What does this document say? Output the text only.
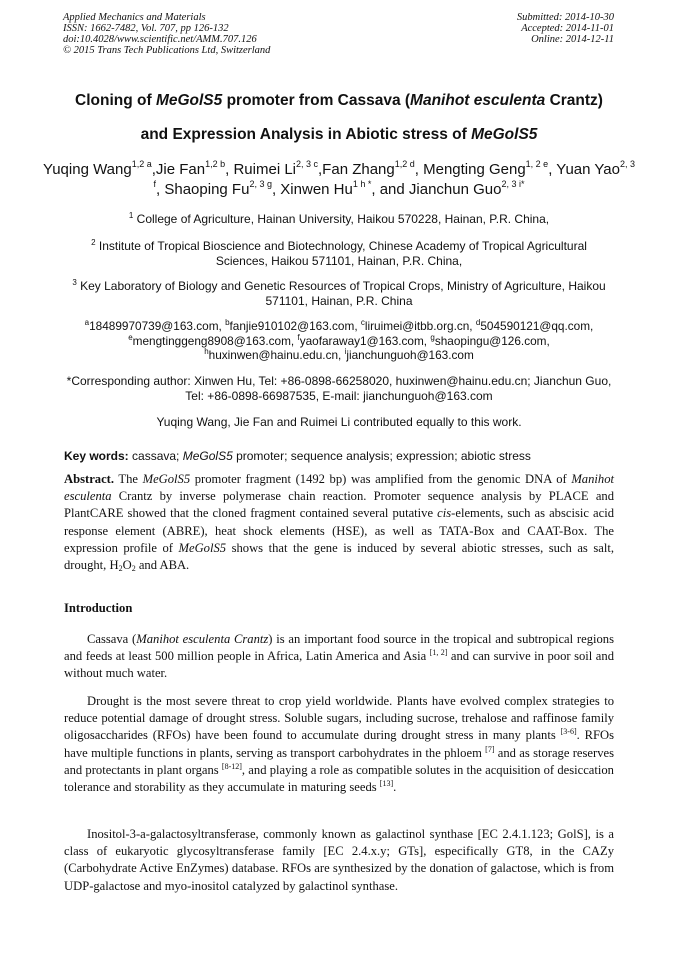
Applied Mechanics and Materials
ISSN: 1662-7482, Vol. 707, pp 126-132
doi:10.4028/www.scientific.net/AMM.707.126
© 2015 Trans Tech Publications Ltd, Switzerland
Submitted: 2014-10-30
Accepted: 2014-11-01
Online: 2014-12-11
Cloning of MeGolS5 promoter from Cassava (Manihot esculenta Crantz)
and Expression Analysis in Abiotic stress of MeGolS5
Yuqing Wang$^{1,2 a}$,Jie Fan$^{1,2 b}$, Ruimei $Li^{2, 3 c},Fan$ Zhang$^{1,2 d}$, Mengting Geng$^{1, 2 e}$, Yuan Yao$^{2, 3 f}$, Shaoping $Fu^{2, 3 g}$, Xinwen $Hu^{1 h *}$, and Jianchun Guo$^{2, 3 i*}$
$^1$ College of Agriculture, Hainan University, Haikou 570228, Hainan, P.R. China,
$^2$ Institute of Tropical Bioscience and Biotechnology, Chinese Academy of Tropical Agricultural Sciences, Haikou 571101, Hainan, P.R. China,
$^3$ Key Laboratory of Biology and Genetic Resources of Tropical Crops, Ministry of Agriculture, Haikou 571101, Hainan, P.R. China
$^a$18489970739@163.com, $^b$fanjie910102@163.com, $^c$liruimei@itbb.org.cn, $^d$504590121@qq.com, $^e$mengtinggeng8908@163.com, $^f$yaofaraway1@163.com, $^g$shaopingu@126.com,
$^h$huxinwen@hainu.edu.cn, $^i$jianchunguoh@163.com
*Corresponding author: Xinwen Hu, Tel: +86-0898-66258020, huxinwen@hainu.edu.cn; Jianchun Guo, Tel: +86-0898-66987535, E-mail: jianchunguoh@163.com
Yuqing Wang, Jie Fan and Ruimei Li contributed equally to this work.
Key words: cassava; MeGolS5 promoter; sequence analysis; expression; abiotic stress
Abstract. The MeGolS5 promoter fragment (1492 bp) was amplified from the genomic DNA of Manihot esculenta Crantz by inverse polymerase chain reaction. Promoter sequence analysis by PLACE and PlantCARE showed that the cloned fragment contained several putative cis-elements, such as abscisic acid response element (ABRE), heat shock elements (HSE), as well as TATA-Box and CAAT-Box. The expression profile of MeGolS5 shows that the gene is induced by several abiotic stresses, such as salt, drought, $H_2O_2$ and ABA.
Introduction
Cassava (Manihot esculenta Crantz) is an important food source in the tropical and subtropical regions and feeds at least 500 million people in Africa, Latin America and Asia [1, 2] and can survive in poor soil and without much water.
Drought is the most severe threat to crop yield worldwide. Plants have evolved complex strategies to reduce potential damage of drought stress. Soluble sugars, including sucrose, trehalose and raffinose family oligosaccharides (RFOs) have been found to accumulate during drought stress in many plants [3-6]. RFOs have multiple functions in plants, serving as transport carbohydrates in the phloem [7] and as storage reserves and protectants in plant organs [8-12], and playing a role as compatible solutes in the acquisition of desiccation tolerance and storability as they accumulate in maturing seeds [13].
Inositol-3-a-galactosyltransferase, commonly known as galactinol synthase [EC 2.4.1.123; GolS], is a class of eukaryotic glycosyltransferase family [EC 2.4.x.y; GTs], especifically GT8, in the CAZy (Carbohydrate Active EnZymes) database. RFOs are synthesized by the donation of galactose, which is from UDP-galactose and myo-inositol catalyzed by galactinol synthase.
